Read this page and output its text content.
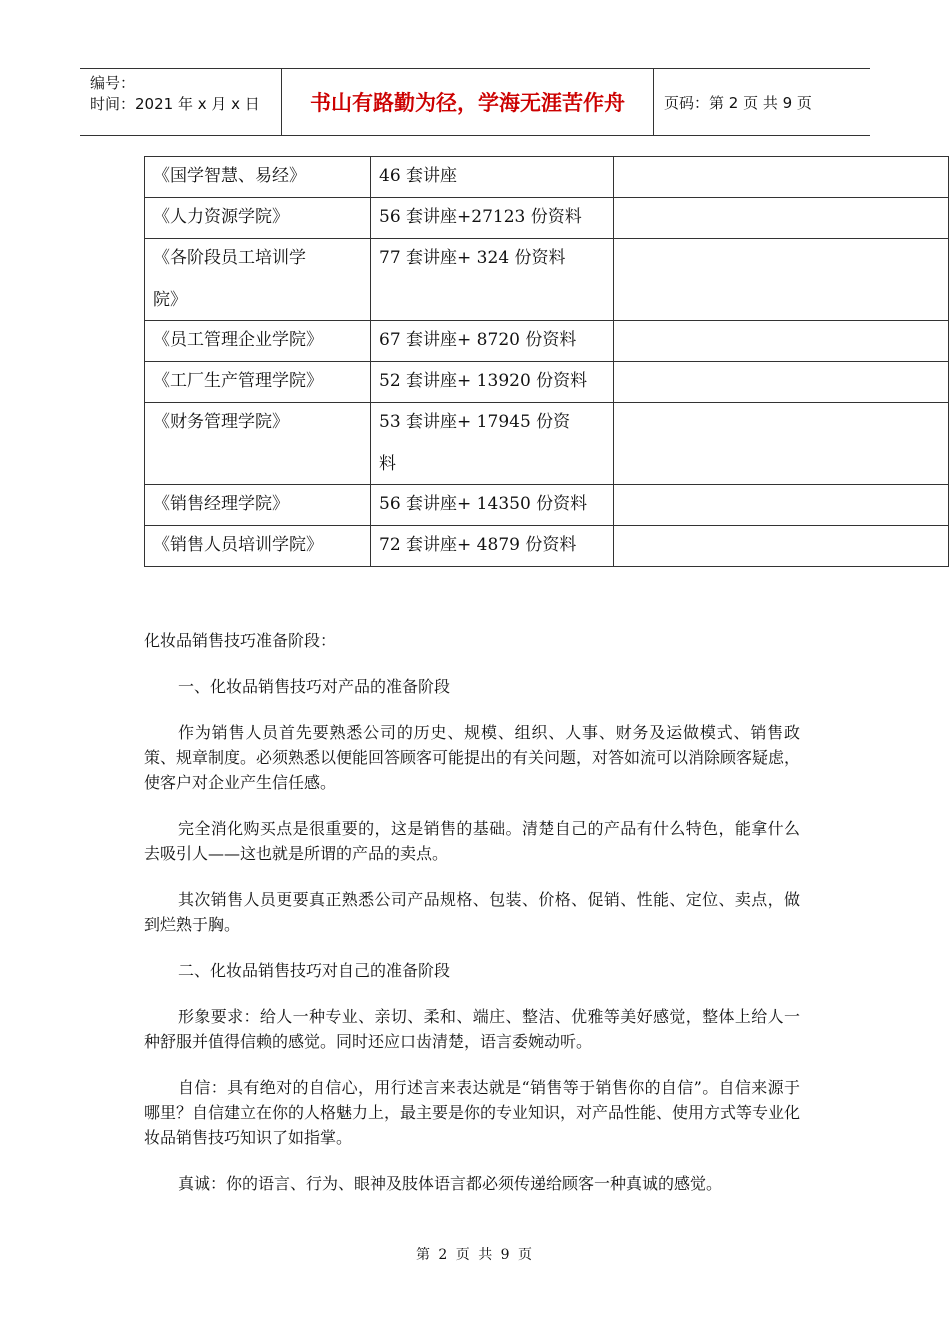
编号：
时间：2021 年 x 月 x 日	书山有路勤为径，学海无涯苦作舟	页码：第 2 页 共 9 页
《国学智慧、易经》	46 套讲座	
《人力资源学院》	56 套讲座+27123 份资料	
《各阶段员工培训学
院》	77 套讲座+ 324 份资料	
《员工管理企业学院》	67 套讲座+ 8720 份资料	
《工厂生产管理学院》	52 套讲座+ 13920 份资料	
《财务管理学院》	53 套讲座+ 17945 份资
料	

《销售经理学院》	56 套讲座+ 14350 份资料	
《销售人员培训学院》	72 套讲座+ 4879 份资料	

化妆品销售技巧准备阶段：

一、化妆品销售技巧对产品的准备阶段

作为销售人员首先要熟悉公司的历史、规模、组织、人事、财务及运做模式、销售政策、规章制度。必须熟悉以便能回答顾客可能提出的有关问题，对答如流可以消除顾客疑虑，使客户对企业产生信任感。

完全消化购买点是很重要的，这是销售的基础。清楚自己的产品有什么特色，能拿什么去吸引人——这也就是所谓的产品的卖点。

其次销售人员更要真正熟悉公司产品规格、包装、价格、促销、性能、定位、卖点，做到烂熟于胸。

二、化妆品销售技巧对自己的准备阶段

形象要求：给人一种专业、亲切、柔和、端庄、整洁、优雅等美好感觉，整体上给人一种舒服并值得信赖的感觉。同时还应口齿清楚，语言委婉动听。

自信：具有绝对的自信心，用行述言来表达就是“销售等于销售你的自信”。自信来源于哪里？自信建立在你的人格魅力上，最主要是你的专业知识，对产品性能、使用方式等专业化妆品销售技巧知识了如指掌。

真诚：你的语言、行为、眼神及肢体语言都必须传递给顾客一种真诚的感觉。

第 2 页 共 9 页
